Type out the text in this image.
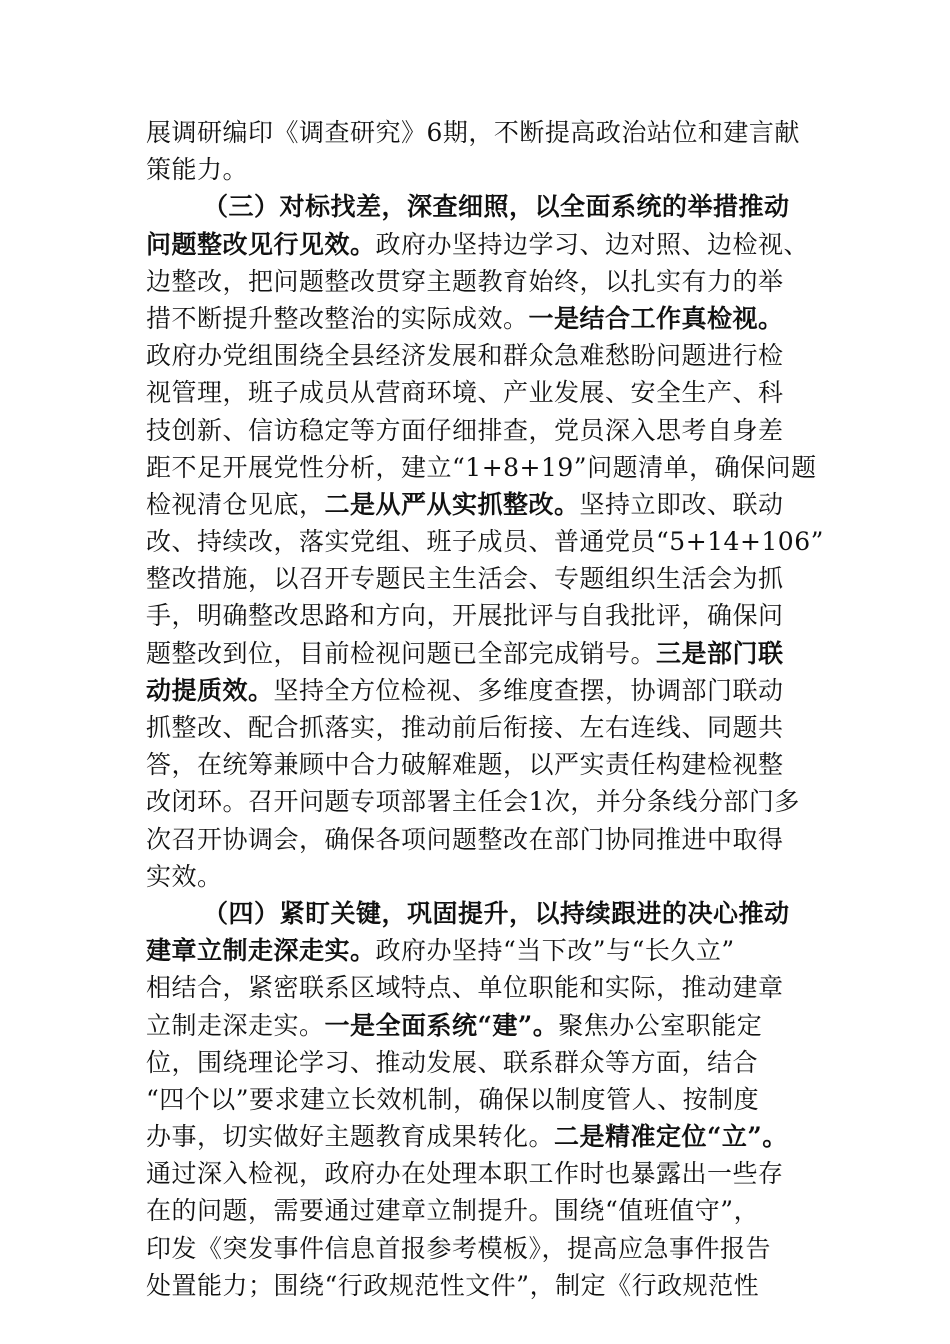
展调研编印《调查研究》6期，不断提高政治站位和建言献
策能力。
（三）对标找差，深查细照，以全面系统的举措推动
问题整改见行见效。政府办坚持边学习、边对照、边检视、
边整改，把问题整改贯穿主题教育始终，以扎实有力的举
措不断提升整改整治的实际成效。一是结合工作真检视。
政府办党组围绕全县经济发展和群众急难愁盼问题进行检
视管理，班子成员从营商环境、产业发展、安全生产、科
技创新、信访稳定等方面仔细排查，党员深入思考自身差
距不足开展党性分析，建立“1+8+19”问题清单，确保问题
检视清仓见底，二是从严从实抓整改。坚持立即改、联动
改、持续改，落实党组、班子成员、普通党员“5+14+106”
整改措施，以召开专题民主生活会、专题组织生活会为抓
手，明确整改思路和方向，开展批评与自我批评，确保问
题整改到位，目前检视问题已全部完成销号。三是部门联
动提质效。坚持全方位检视、多维度查摆，协调部门联动
抓整改、配合抓落实，推动前后衔接、左右连线、同题共
答，在统筹兼顾中合力破解难题，以严实责任构建检视整
改闭环。召开问题专项部署主任会1次，并分条线分部门多
次召开协调会，确保各项问题整改在部门协同推进中取得
实效。
（四）紧盯关键，巩固提升，以持续跟进的决心推动
建章立制走深走实。政府办坚持“当下改”与“长久立”
相结合，紧密联系区域特点、单位职能和实际，推动建章
立制走深走实。一是全面系统“建”。聚焦办公室职能定
位，围绕理论学习、推动发展、联系群众等方面，结合
“四个以”要求建立长效机制，确保以制度管人、按制度
办事，切实做好主题教育成果转化。二是精准定位“立”。
通过深入检视，政府办在处理本职工作时也暴露出一些存
在的问题，需要通过建章立制提升。围绕“值班值守”，
印发《突发事件信息首报参考模板》，提高应急事件报告
处置能力；围绕“行政规范性文件”，制定《行政规范性
